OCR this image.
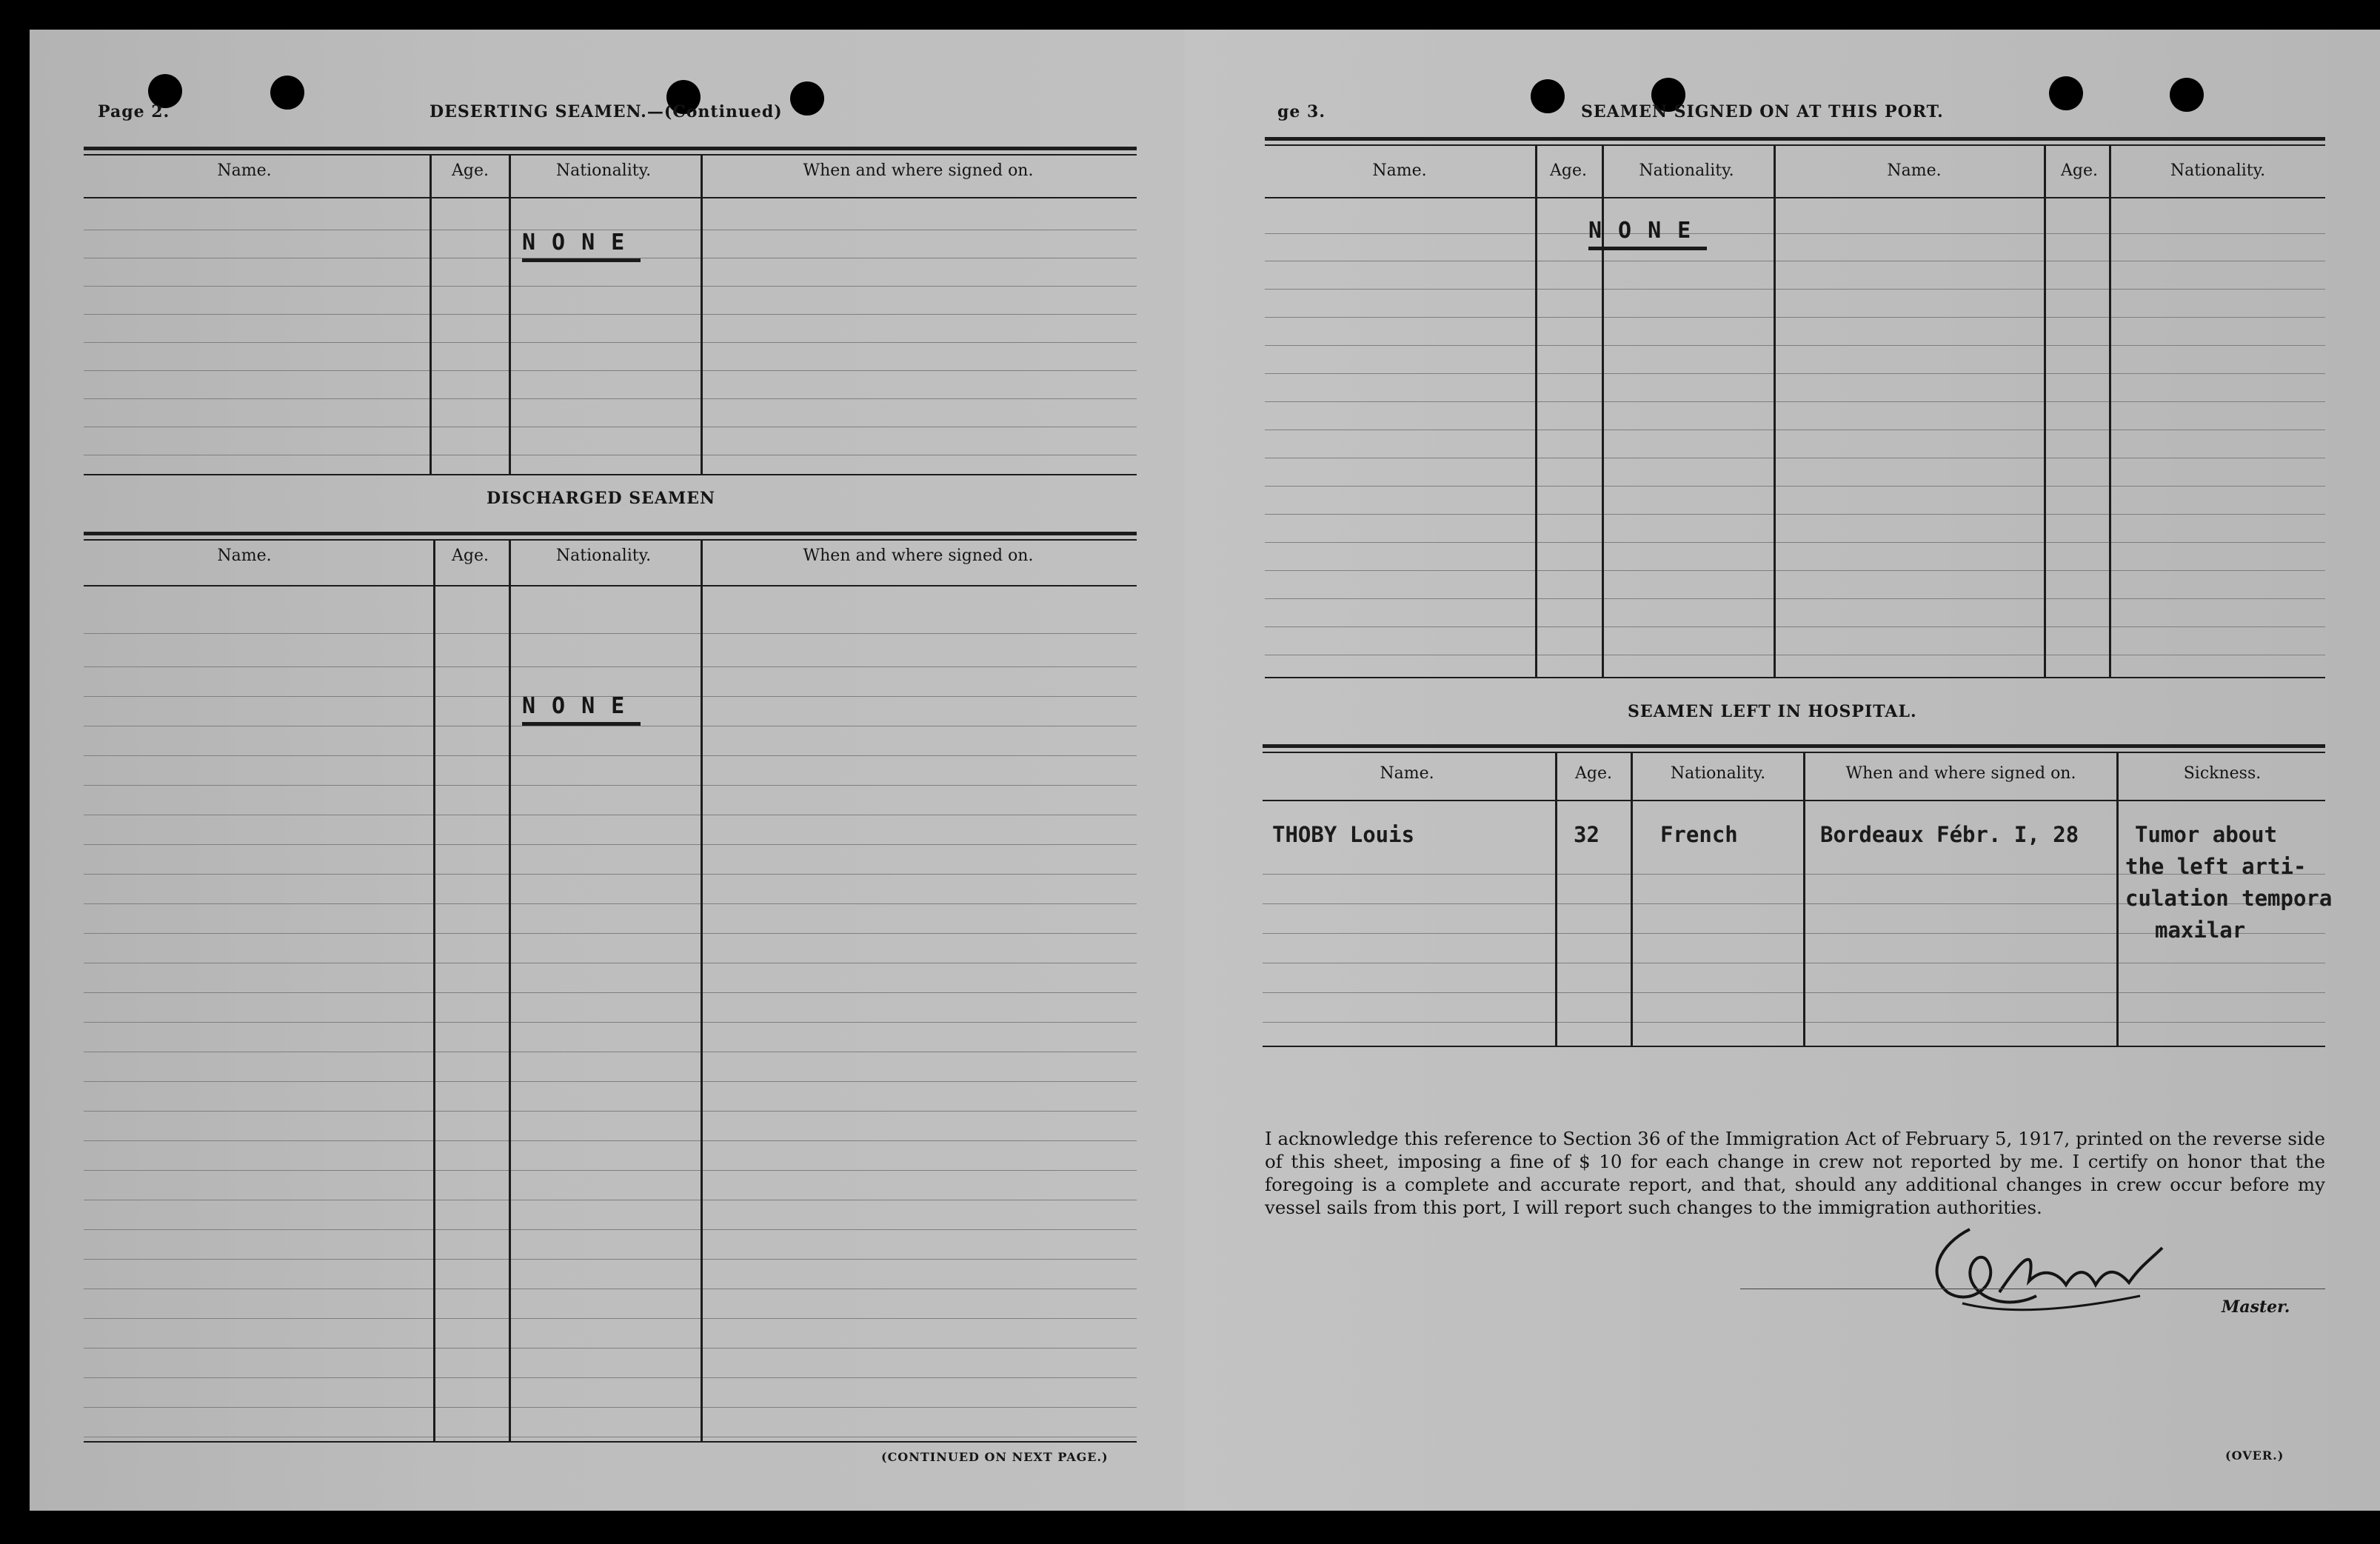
Page 2.	DESERTING SEAMEN.—(Continued)
Name.	Age.	Nationality.	When and where signed on.
NONE
DISCHARGED SEAMEN
Name.	Age.	Nationality.	When and where signed on.
NONE
(CONTINUED ON NEXT PAGE.)
ge 3.	SEAMEN SIGNED ON AT THIS PORT.
Name.	Age.	Nationality.	Name.	Age.	Nationality.
NONE
SEAMEN LEFT IN HOSPITAL.
Name.	Age.	Nationality.	When and where signed on.	Sickness.
THOBY Louis	32	French	Bordeaux Fébr. I, 28	Tumor about
the left arti-
culation tempora
maxilar
I acknowledge this reference to Section 36 of the Immigration Act of February 5, 1917, printed on the reverse side of this sheet, imposing a fine of $ 10 for each change in crew not reported by me. I certify on honor that the foregoing is a complete and accurate report, and that, should any additional changes in crew occur before my vessel sails from this port, I will report such changes to the immigration authorities.
Master.
(OVER.)
